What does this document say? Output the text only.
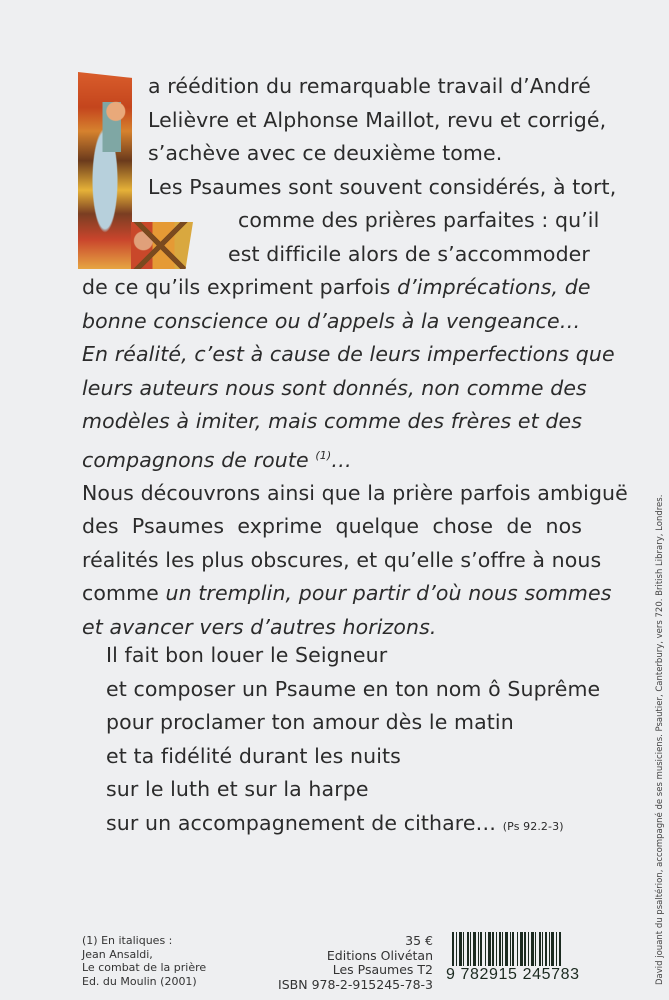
a réédition du remarquable travail d’André
Lelièvre et Alphonse Maillot, revu et corrigé,
s’achève avec ce deuxième tome.
Les Psaumes sont souvent considérés, à tort,
comme des prières parfaites : qu’il
est difficile alors de s’accommoder
de ce qu’ils expriment parfois d’imprécations, de
bonne conscience ou d’appels à la vengeance…
En réalité, c’est à cause de leurs imperfections que
leurs auteurs nous sont donnés, non comme des
modèles à imiter, mais comme des frères et des
compagnons de route $^{(1)}$…
Nous découvrons ainsi que la prière parfois ambiguë
des Psaumes exprime quelque chose de nos
réalités les plus obscures, et qu’elle s’offre à nous
comme un tremplin, pour partir d’où nous sommes
et avancer vers d’autres horizons.
Il fait bon louer le Seigneur
et composer un Psaume en ton nom ô Suprême
pour proclamer ton amour dès le matin
et ta fidélité durant les nuits
sur le luth et sur la harpe
sur un accompagnement de cithare… (Ps 92.2-3)
(1) En italiques :
Jean Ansaldi,
Le combat de la prière
Ed. du Moulin (2001)
35 €
Editions Olivétan
Les Psaumes T2
ISBN 978-2-915245-78-3
9 782915 245783	David jouant du psaltérion, accompagné de ses musiciens. Psautier, Canterbury, vers 720. British Library, Londres.
